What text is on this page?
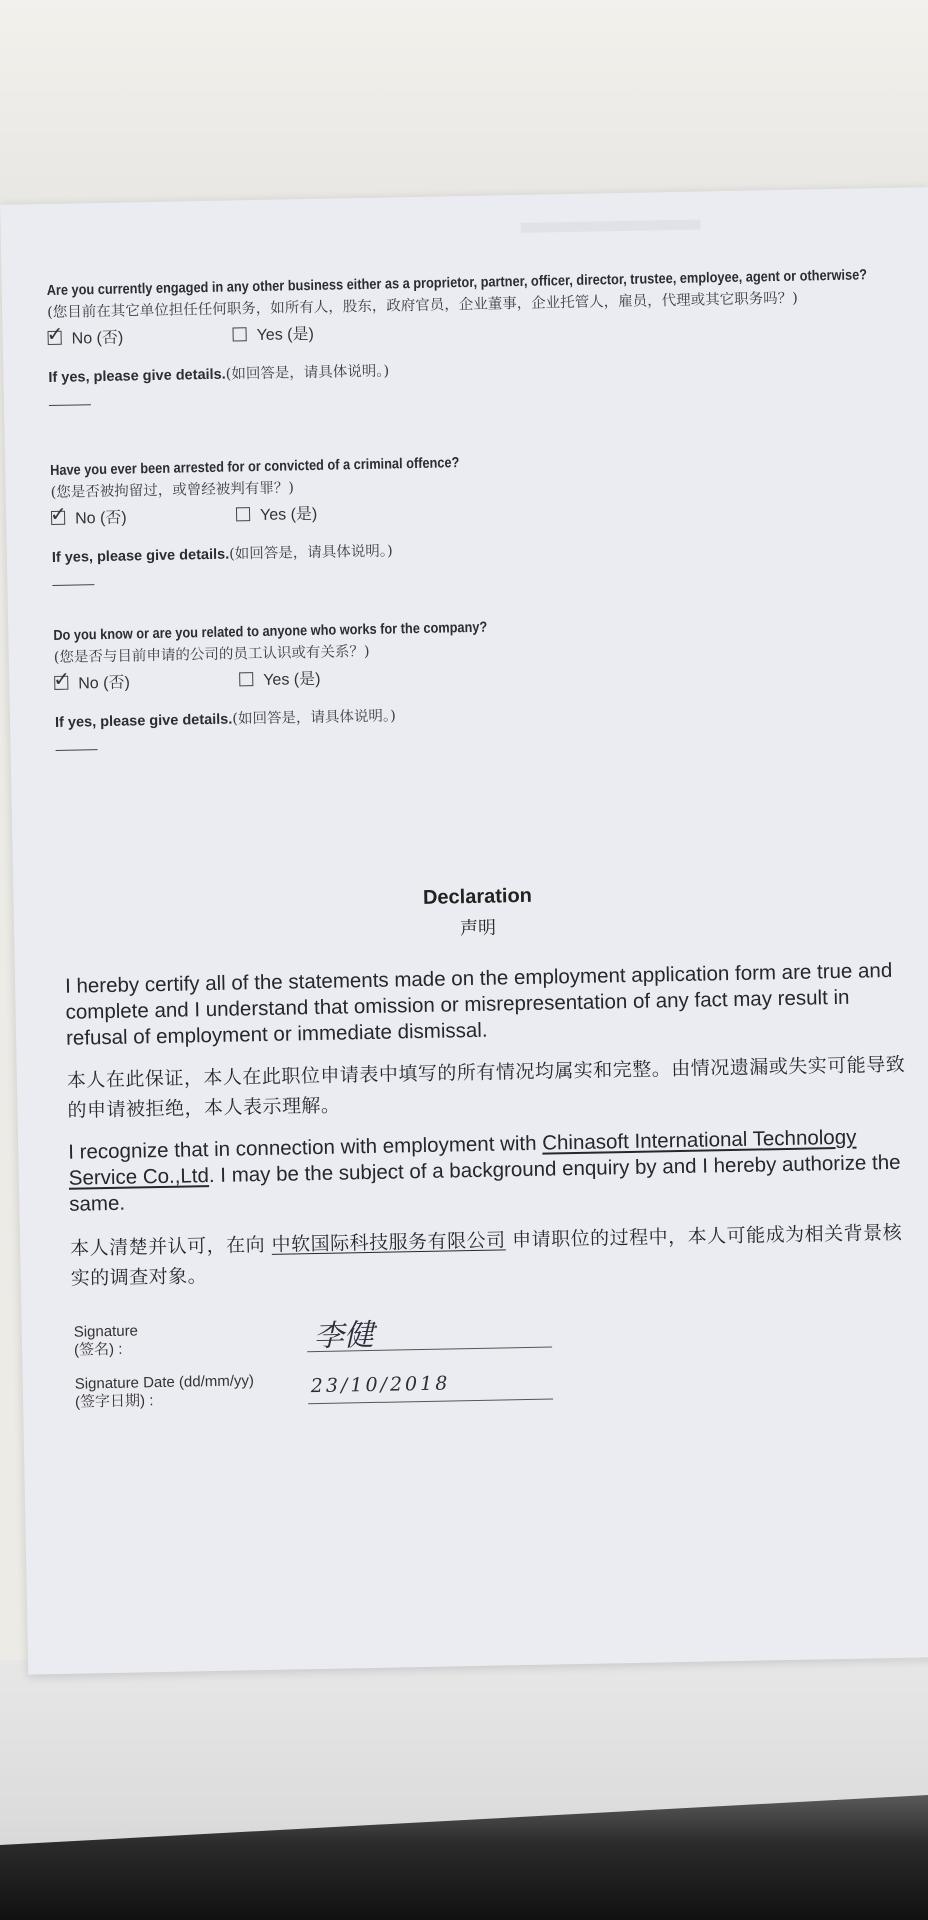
Are you currently engaged in any other business either as a proprietor, partner, officer, director, trustee, employee, agent or otherwise?
(您目前在其它单位担任任何职务，如所有人，股东，政府官员，企业董事，企业托管人，雇员，代理或其它职务吗？)
✓ No (否)	Yes (是)
If yes, please give details.(如回答是，请具体说明。)
Have you ever been arrested for or convicted of a criminal offence?
(您是否被拘留过，或曾经被判有罪？)
✓ No (否)	Yes (是)
If yes, please give details.(如回答是，请具体说明。)
Do you know or are you related to anyone who works for the company?
(您是否与目前申请的公司的员工认识或有关系？)
✓ No (否)	Yes (是)
If yes, please give details.(如回答是，请具体说明。)
Declaration
声明
I hereby certify all of the statements made on the employment application form are true and complete and I understand that omission or misrepresentation of any fact may result in refusal of employment or immediate dismissal.
本人在此保证，本人在此职位申请表中填写的所有情况均属实和完整。由情况遗漏或失实可能导致的申请被拒绝，本人表示理解。
I recognize that in connection with employment with Chinasoft International Technology Service Co.,Ltd. I may be the subject of a background enquiry by and I hereby authorize the same.
本人清楚并认可，在向 中软国际科技服务有限公司 申请职位的过程中，本人可能成为相关背景核实的调查对象。
Signature
(签名) :	李健
Signature Date (dd/mm/yy)
(签字日期) :
23/10/2018
